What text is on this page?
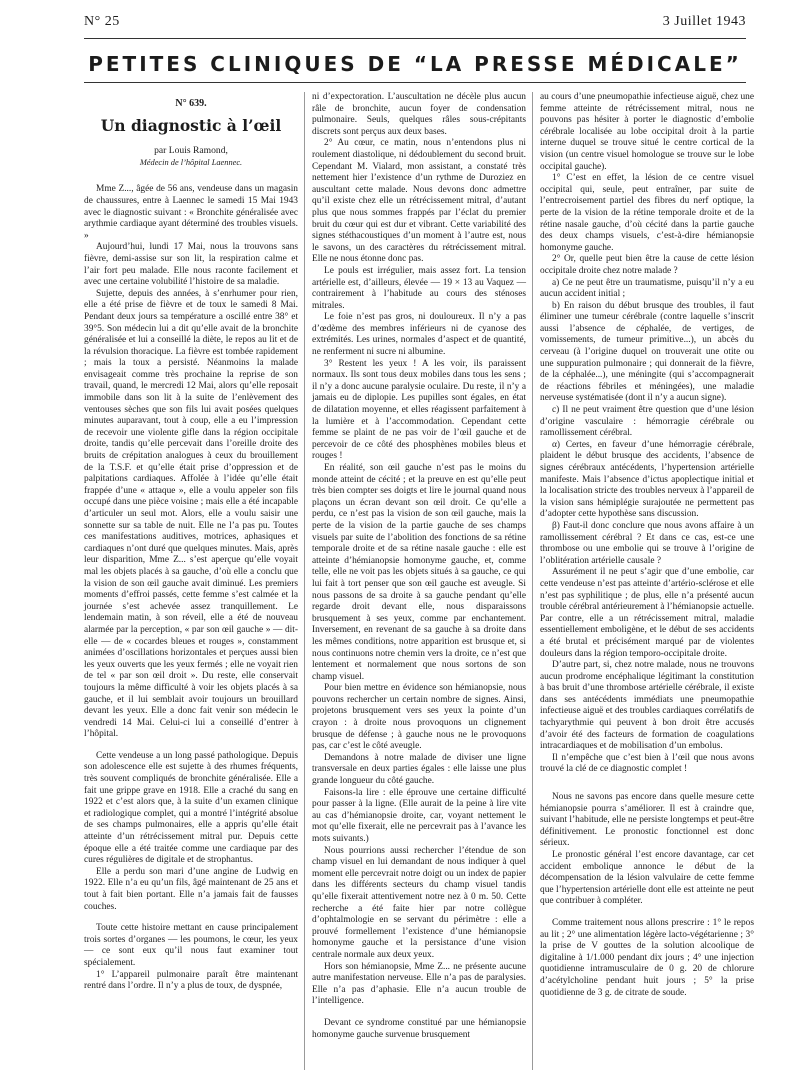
N° 25	3 Juillet 1943
PETITES CLINIQUES DE “LA PRESSE MÉDICALE”

N° 639.

Un diagnostic à l’œil

par Louis Ramond,

Médecin de l’hôpital Laennec.

Mme Z..., âgée de 56 ans, vendeuse dans un magasin de chaussures, entre à Laennec le samedi 15 Mai 1943 avec le diagnostic suivant : « Bronchite généralisée avec arythmie cardiaque ayant déterminé des troubles visuels. »

Aujourd’hui, lundi 17 Mai, nous la trouvons sans fièvre, demi-assise sur son lit, la respiration calme et l’air fort peu malade. Elle nous raconte facilement et avec une certaine volubilité l’histoire de sa maladie.

Sujette, depuis des années, à s’enrhumer pour rien, elle a été prise de fièvre et de toux le samedi 8 Mai. Pendant deux jours sa température a oscillé entre 38° et 39°5. Son médecin lui a dit qu’elle avait de la bronchite généralisée et lui a conseillé la diète, le repos au lit et de la révulsion thoracique. La fièvre est tombée rapidement ; mais la toux a persisté. Néanmoins la malade envisageait comme très prochaine la reprise de son travail, quand, le mercredi 12 Mai, alors qu’elle reposait immobile dans son lit à la suite de l’enlèvement des ventouses sèches que son fils lui avait posées quelques minutes auparavant, tout à coup, elle a eu l’impression de recevoir une violente gifle dans la région occipitale droite, tandis qu’elle percevait dans l’oreille droite des bruits de crépitation analogues à ceux du brouillement de la T.S.F. et qu’elle était prise d’oppression et de palpitations cardiaques. Affolée à l’idée qu’elle était frappée d’une « attaque », elle a voulu appeler son fils occupé dans une pièce voisine ; mais elle a été incapable d’articuler un seul mot. Alors, elle a voulu saisir une sonnette sur sa table de nuit. Elle ne l’a pas pu. Toutes ces manifestations auditives, motrices, aphasiques et cardiaques n’ont duré que quelques minutes. Mais, après leur disparition, Mme Z... s’est aperçue qu’elle voyait mal les objets placés à sa gauche, d’où elle a conclu que la vision de son œil gauche avait diminué. Les premiers moments d’effroi passés, cette femme s’est calmée et la journée s’est achevée assez tranquillement. Le lendemain matin, à son réveil, elle a été de nouveau alarmée par la perception, « par son œil gauche » — dit-elle — de « cocardes bleues et rouges », constamment animées d’oscillations horizontales et perçues aussi bien les yeux ouverts que les yeux fermés ; elle ne voyait rien de tel « par son œil droit ». Du reste, elle conservait toujours la même difficulté à voir les objets placés à sa gauche, et il lui semblait avoir toujours un brouillard devant les yeux. Elle a donc fait venir son médecin le vendredi 14 Mai. Celui-ci lui a conseillé d’entrer à l’hôpital.

Cette vendeuse a un long passé pathologique. Depuis son adolescence elle est sujette à des rhumes fréquents, très souvent compliqués de bronchite généralisée. Elle a fait une grippe grave en 1918. Elle a craché du sang en 1922 et c’est alors que, à la suite d’un examen clinique et radiologique complet, qui a montré l’intégrité absolue de ses champs pulmonaires, elle a appris qu’elle était atteinte d’un rétrécissement mitral pur. Depuis cette époque elle a été traitée comme une cardiaque par des cures régulières de digitale et de strophantus.

Elle a perdu son mari d’une angine de Ludwig en 1922. Elle n’a eu qu’un fils, âgé maintenant de 25 ans et tout à fait bien portant. Elle n’a jamais fait de fausses couches.

Toute cette histoire mettant en cause principalement trois sortes d’organes — les poumons, le cœur, les yeux — ce sont eux qu’il nous faut examiner tout spécialement.

1° L’appareil pulmonaire paraît être maintenant rentré dans l’ordre. Il n’y a plus de toux, de dyspnée,

ni d’expectoration. L’auscultation ne décèle plus aucun râle de bronchite, aucun foyer de condensation pulmonaire. Seuls, quelques râles sous-crépitants discrets sont perçus aux deux bases.

2° Au cœur, ce matin, nous n’entendons plus ni roulement diastolique, ni dédoublement du second bruit. Cependant M. Vialard, mon assistant, a constaté très nettement hier l’existence d’un rythme de Duroziez en auscultant cette malade. Nous devons donc admettre qu’il existe chez elle un rétrécissement mitral, d’autant plus que nous sommes frappés par l’éclat du premier bruit du cœur qui est dur et vibrant. Cette variabilité des signes stéthacoustiques d’un moment à l’autre est, nous le savons, un des caractères du rétrécissement mitral. Elle ne nous étonne donc pas.

Le pouls est irrégulier, mais assez fort. La tension artérielle est, d’ailleurs, élevée — 19 × 13 au Vaquez — contrairement à l’habitude au cours des sténoses mitrales.

Le foie n’est pas gros, ni douloureux. Il n’y a pas d’œdème des membres inférieurs ni de cyanose des extrémités. Les urines, normales d’aspect et de quantité, ne renferment ni sucre ni albumine.

3° Restent les yeux ! A les voir, ils paraissent normaux. Ils sont tous deux mobiles dans tous les sens ; il n’y a donc aucune paralysie oculaire. Du reste, il n’y a jamais eu de diplopie. Les pupilles sont égales, en état de dilatation moyenne, et elles réagissent parfaitement à la lumière et à l’accommodation. Cependant cette femme se plaint de ne pas voir de l’œil gauche et de percevoir de ce côté des phosphènes mobiles bleus et rouges !

En réalité, son œil gauche n’est pas le moins du monde atteint de cécité ; et la preuve en est qu’elle peut très bien compter ses doigts et lire le journal quand nous plaçons un écran devant son œil droit. Ce qu’elle a perdu, ce n’est pas la vision de son œil gauche, mais la perte de la vision de la partie gauche de ses champs visuels par suite de l’abolition des fonctions de sa rétine temporale droite et de sa rétine nasale gauche : elle est atteinte d’hémianopsie homonyme gauche, et, comme telle, elle ne voit pas les objets situés à sa gauche, ce qui lui fait à tort penser que son œil gauche est aveugle. Si nous passons de sa droite à sa gauche pendant qu’elle regarde droit devant elle, nous disparaissons brusquement à ses yeux, comme par enchantement. Inversement, en revenant de sa gauche à sa droite dans les mêmes conditions, notre apparition est brusque et, si nous continuons notre chemin vers la droite, ce n’est que lentement et normalement que nous sortons de son champ visuel.

Pour bien mettre en évidence son hémianopsie, nous pouvons rechercher un certain nombre de signes. Ainsi, projetons brusquement vers ses yeux la pointe d’un crayon : à droite nous provoquons un clignement brusque de défense ; à gauche nous ne le provoquons pas, car c’est le côté aveugle.

Demandons à notre malade de diviser une ligne transversale en deux parties égales : elle laisse une plus grande longueur du côté gauche.

Faisons-la lire : elle éprouve une certaine difficulté pour passer à la ligne. (Elle aurait de la peine à lire vite au cas d’hémianopsie droite, car, voyant nettement le mot qu’elle fixerait, elle ne percevrait pas à l’avance les mots suivants.)

Nous pourrions aussi rechercher l’étendue de son champ visuel en lui demandant de nous indiquer à quel moment elle percevrait notre doigt ou un index de papier dans les différents secteurs du champ visuel tandis qu’elle fixerait attentivement notre nez à 0 m. 50. Cette recherche a été faite hier par notre collègue d’ophtalmologie en se servant du périmètre : elle a prouvé formellement l’existence d’une hémianopsie homonyme gauche et la persistance d’une vision centrale normale aux deux yeux.

Hors son hémianopsie, Mme Z... ne présente aucune autre manifestation nerveuse. Elle n’a pas de paralysies. Elle n’a pas d’aphasie. Elle n’a aucun trouble de l’intelligence.

Devant ce syndrome constitué par une hémianopsie homonyme gauche survenue brusquement

au cours d’une pneumopathie infectieuse aiguë, chez une femme atteinte de rétrécissement mitral, nous ne pouvons pas hésiter à porter le diagnostic d’embolie cérébrale localisée au lobe occipital droit à la partie interne duquel se trouve situé le centre cortical de la vision (un centre visuel homologue se trouve sur le lobe occipital gauche).

1° C’est en effet, la lésion de ce centre visuel occipital qui, seule, peut entraîner, par suite de l’entrecroisement partiel des fibres du nerf optique, la perte de la vision de la rétine temporale droite et de la rétine nasale gauche, d’où cécité dans la partie gauche des deux champs visuels, c’est-à-dire hémianopsie homonyme gauche.

2° Or, quelle peut bien être la cause de cette lésion occipitale droite chez notre malade ?

a) Ce ne peut être un traumatisme, puisqu’il n’y a eu aucun accident initial ;

b) En raison du début brusque des troubles, il faut éliminer une tumeur cérébrale (contre laquelle s’inscrit aussi l’absence de céphalée, de vertiges, de vomissements, de tumeur primitive...), un abcès du cerveau (à l’origine duquel on trouverait une otite ou une suppuration pulmonaire ; qui donnerait de la fièvre, de la céphalée...), une méningite (qui s’accompagnerait de réactions fébriles et méningées), une maladie nerveuse systématisée (dont il n’y a aucun signe).

c) Il ne peut vraiment être question que d’une lésion d’origine vasculaire : hémorragie cérébrale ou ramollissement cérébral.

α) Certes, en faveur d’une hémorragie cérébrale, plaident le début brusque des accidents, l’absence de signes cérébraux antécédents, l’hypertension artérielle manifeste. Mais l’absence d’ictus apoplectique initial et la localisation stricte des troubles nerveux à l’appareil de la vision sans hémiplégie surajoutée ne permettent pas d’adopter cette hypothèse sans discussion.

β) Faut-il donc conclure que nous avons affaire à un ramollissement cérébral ? Et dans ce cas, est-ce une thrombose ou une embolie qui se trouve à l’origine de l’oblitération artérielle causale ?

Assurément il ne peut s’agir que d’une embolie, car cette vendeuse n’est pas atteinte d’artério-sclérose et elle n’est pas syphilitique ; de plus, elle n’a présenté aucun trouble cérébral antérieurement à l’hémianopsie actuelle. Par contre, elle a un rétrécissement mitral, maladie essentiellement emboligène, et le début de ses accidents a été brutal et précisément marqué par de violentes douleurs dans la région temporo-occipitale droite.

D’autre part, si, chez notre malade, nous ne trouvons aucun prodrome encéphalique légitimant la constitution à bas bruit d’une thrombose artérielle cérébrale, il existe dans ses antécédents immédiats une pneumopathie infectieuse aiguë et des troubles cardiaques corrélatifs de tachyarythmie qui peuvent à bon droit être accusés d’avoir été des facteurs de formation de coagulations intracardiaques et de mobilisation d’un embolus.

Il n’empêche que c’est bien à l’œil que nous avons trouvé la clé de ce diagnostic complet !

Nous ne savons pas encore dans quelle mesure cette hémianopsie pourra s’améliorer. Il est à craindre que, suivant l’habitude, elle ne persiste longtemps et peut-être définitivement. Le pronostic fonctionnel est donc sérieux.

Le pronostic général l’est encore davantage, car cet accident embolique annonce le début de la décompensation de la lésion valvulaire de cette femme que l’hypertension artérielle dont elle est atteinte ne peut que contribuer à compléter.

Comme traitement nous allons prescrire : 1° le repos au lit ; 2° une alimentation légère lacto-végétarienne ; 3° la prise de V gouttes de la solution alcoolique de digitaline à 1/1.000 pendant dix jours ; 4° une injection quotidienne intramusculaire de 0 g. 20 de chlorure d’acétylcholine pendant huit jours ; 5° la prise quotidienne de 3 g. de citrate de soude.
